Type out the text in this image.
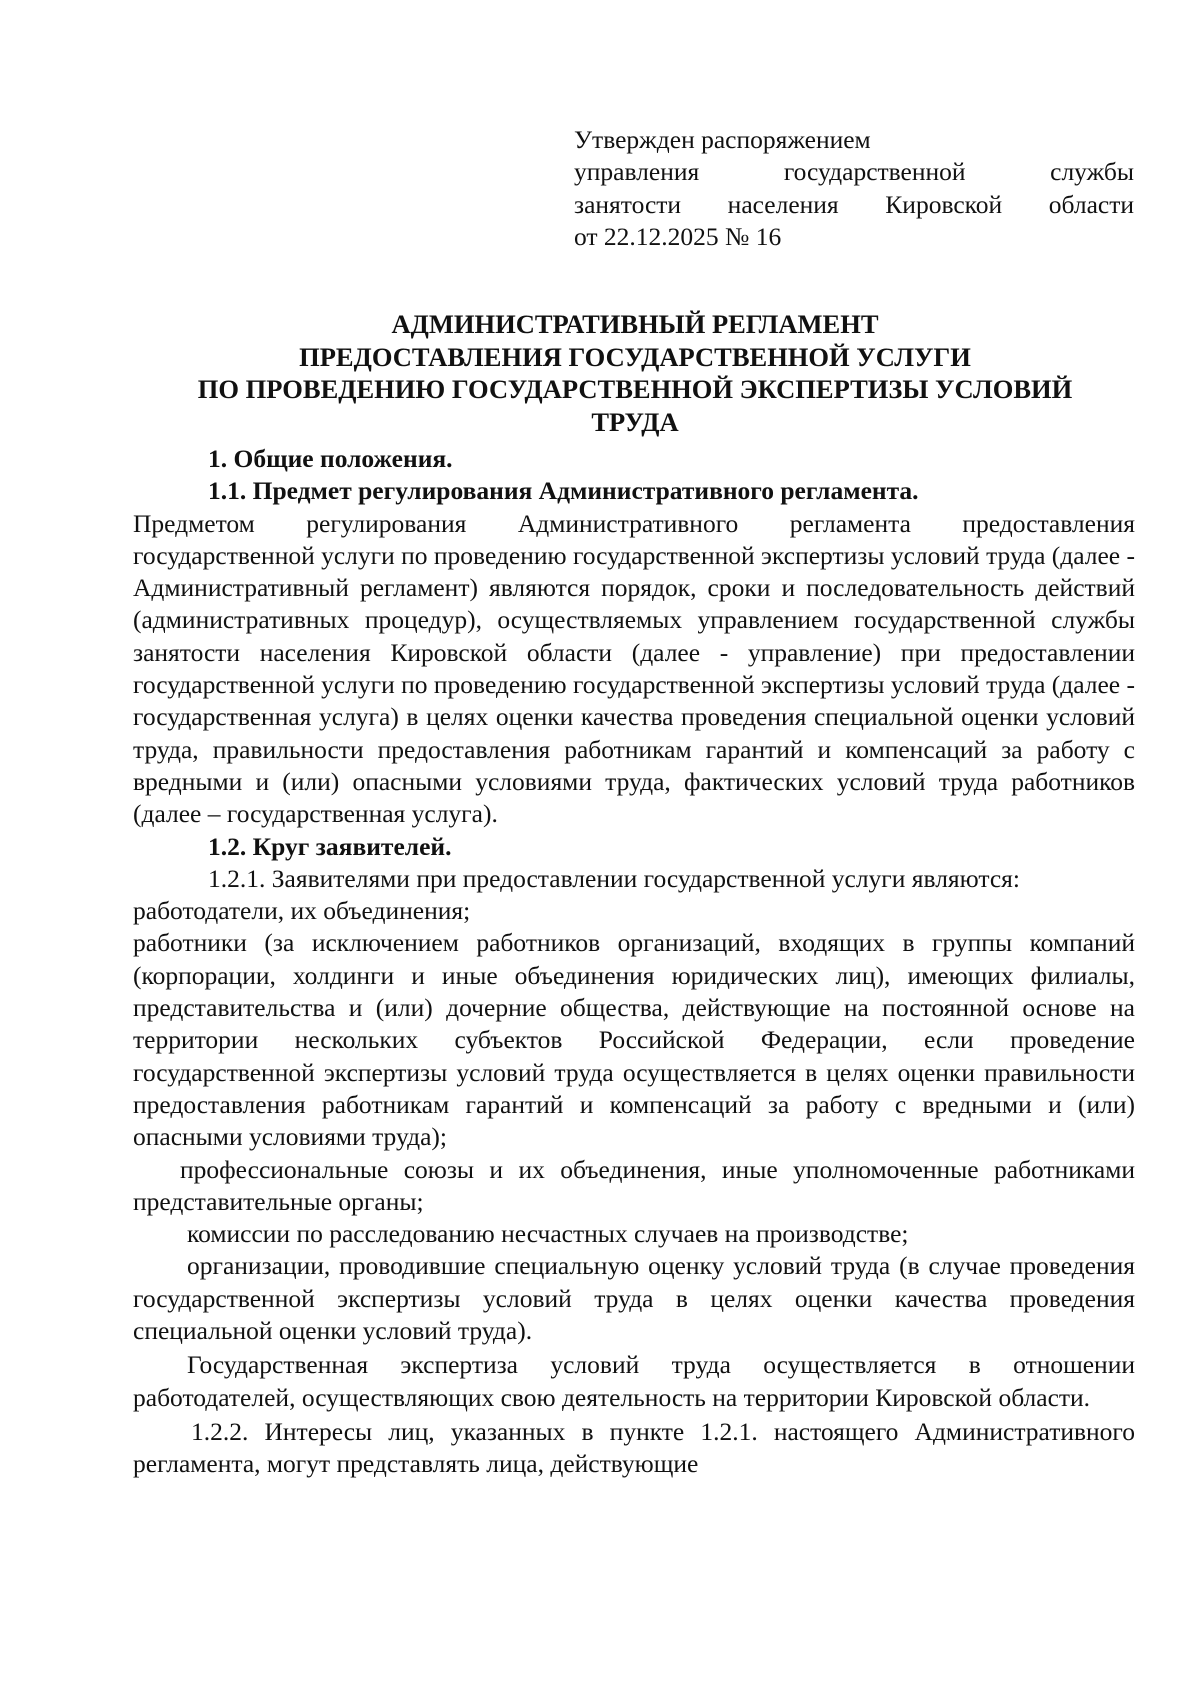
Утвержден распоряжением
управления государственной службы
занятости населения Кировской области
от 22.12.2025 № 16
АДМИНИСТРАТИВНЫЙ РЕГЛАМЕНТ
ПРЕДОСТАВЛЕНИЯ ГОСУДАРСТВЕННОЙ УСЛУГИ
ПО ПРОВЕДЕНИЮ ГОСУДАРСТВЕННОЙ ЭКСПЕРТИЗЫ УСЛОВИЙ
ТРУДА

1. Общие положения.

1.1. Предмет регулирования Административного регламента.

Предметом регулирования Административного регламента предоставления государственной услуги по проведению государственной экспертизы условий труда (далее - Административный регламент) являются порядок, сроки и последовательность действий (административных процедур), осуществляемых управлением государственной службы занятости населения Кировской области (далее - управление) при предоставлении государственной услуги по проведению государственной экспертизы условий труда (далее - государственная услуга) в целях оценки качества проведения специальной оценки условий труда, правильности предоставления работникам гарантий и компенсаций за работу с вредными и (или) опасными условиями труда, фактических условий труда работников (далее – государственная услуга).

1.2. Круг заявителей.

1.2.1. Заявителями при предоставлении государственной услуги являются:

работодатели, их объединения;

работники (за исключением работников организаций, входящих в группы компаний (корпорации, холдинги и иные объединения юридических лиц), имеющих филиалы, представительства и (или) дочерние общества, действующие на постоянной основе на территории нескольких субъектов Российской Федерации, если проведение государственной экспертизы условий труда осуществляется в целях оценки правильности предоставления работникам гарантий и компенсаций за работу с вредными и (или) опасными условиями труда);

профессиональные союзы и их объединения, иные уполномоченные работниками представительные органы;

комиссии по расследованию несчастных случаев на производстве;

организации, проводившие специальную оценку условий труда (в случае проведения государственной экспертизы условий труда в целях оценки качества проведения специальной оценки условий труда).

Государственная экспертиза условий труда осуществляется в отношении работодателей, осуществляющих свою деятельность на территории Кировской области.

1.2.2. Интересы лиц, указанных в пункте 1.2.1. настоящего Административного регламента, могут представлять лица, действующие
